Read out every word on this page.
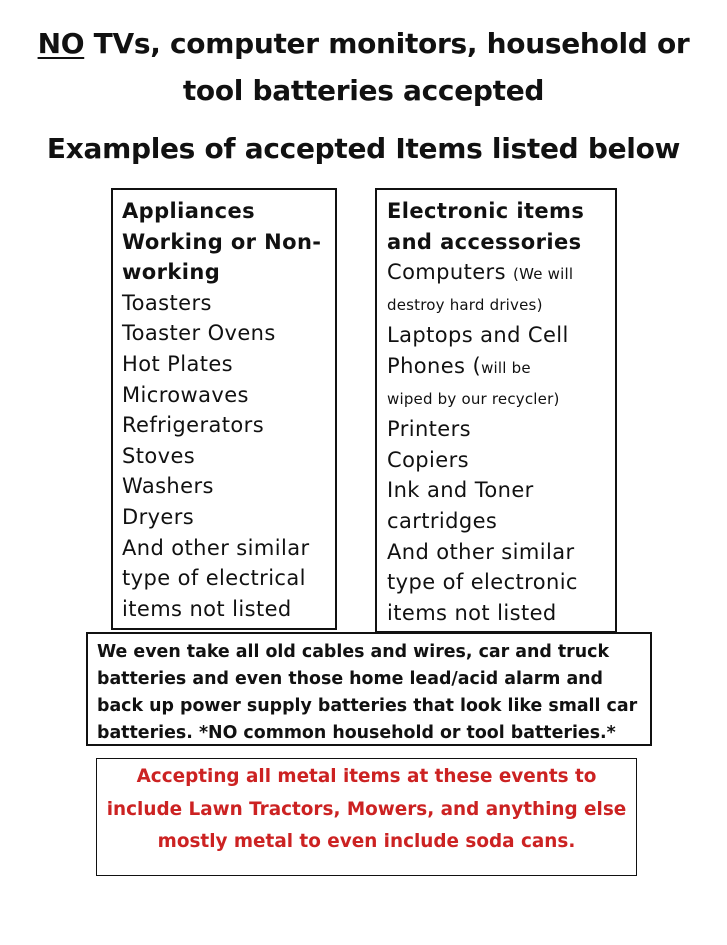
NO TVs, computer monitors, household or
tool batteries accepted
Examples of accepted Items listed below
Appliances
Working or Non-
working
Toasters
Toaster Ovens
Hot Plates
Microwaves
Refrigerators
Stoves
Washers
Dryers
And other similar
type of electrical
items not listed
Electronic items
and accessories
Computers (We will
destroy hard drives)
Laptops and Cell
Phones (will be
wiped by our recycler)
Printers
Copiers
Ink and Toner
cartridges
And other similar
type of electronic
items not listed
We even take all old cables and wires, car and truck
batteries and even those home lead/acid alarm and
back up power supply batteries that look like small car
batteries. *NO common household or tool batteries.*
Accepting all metal items at these events to
include Lawn Tractors, Mowers, and anything else
mostly metal to even include soda cans.
